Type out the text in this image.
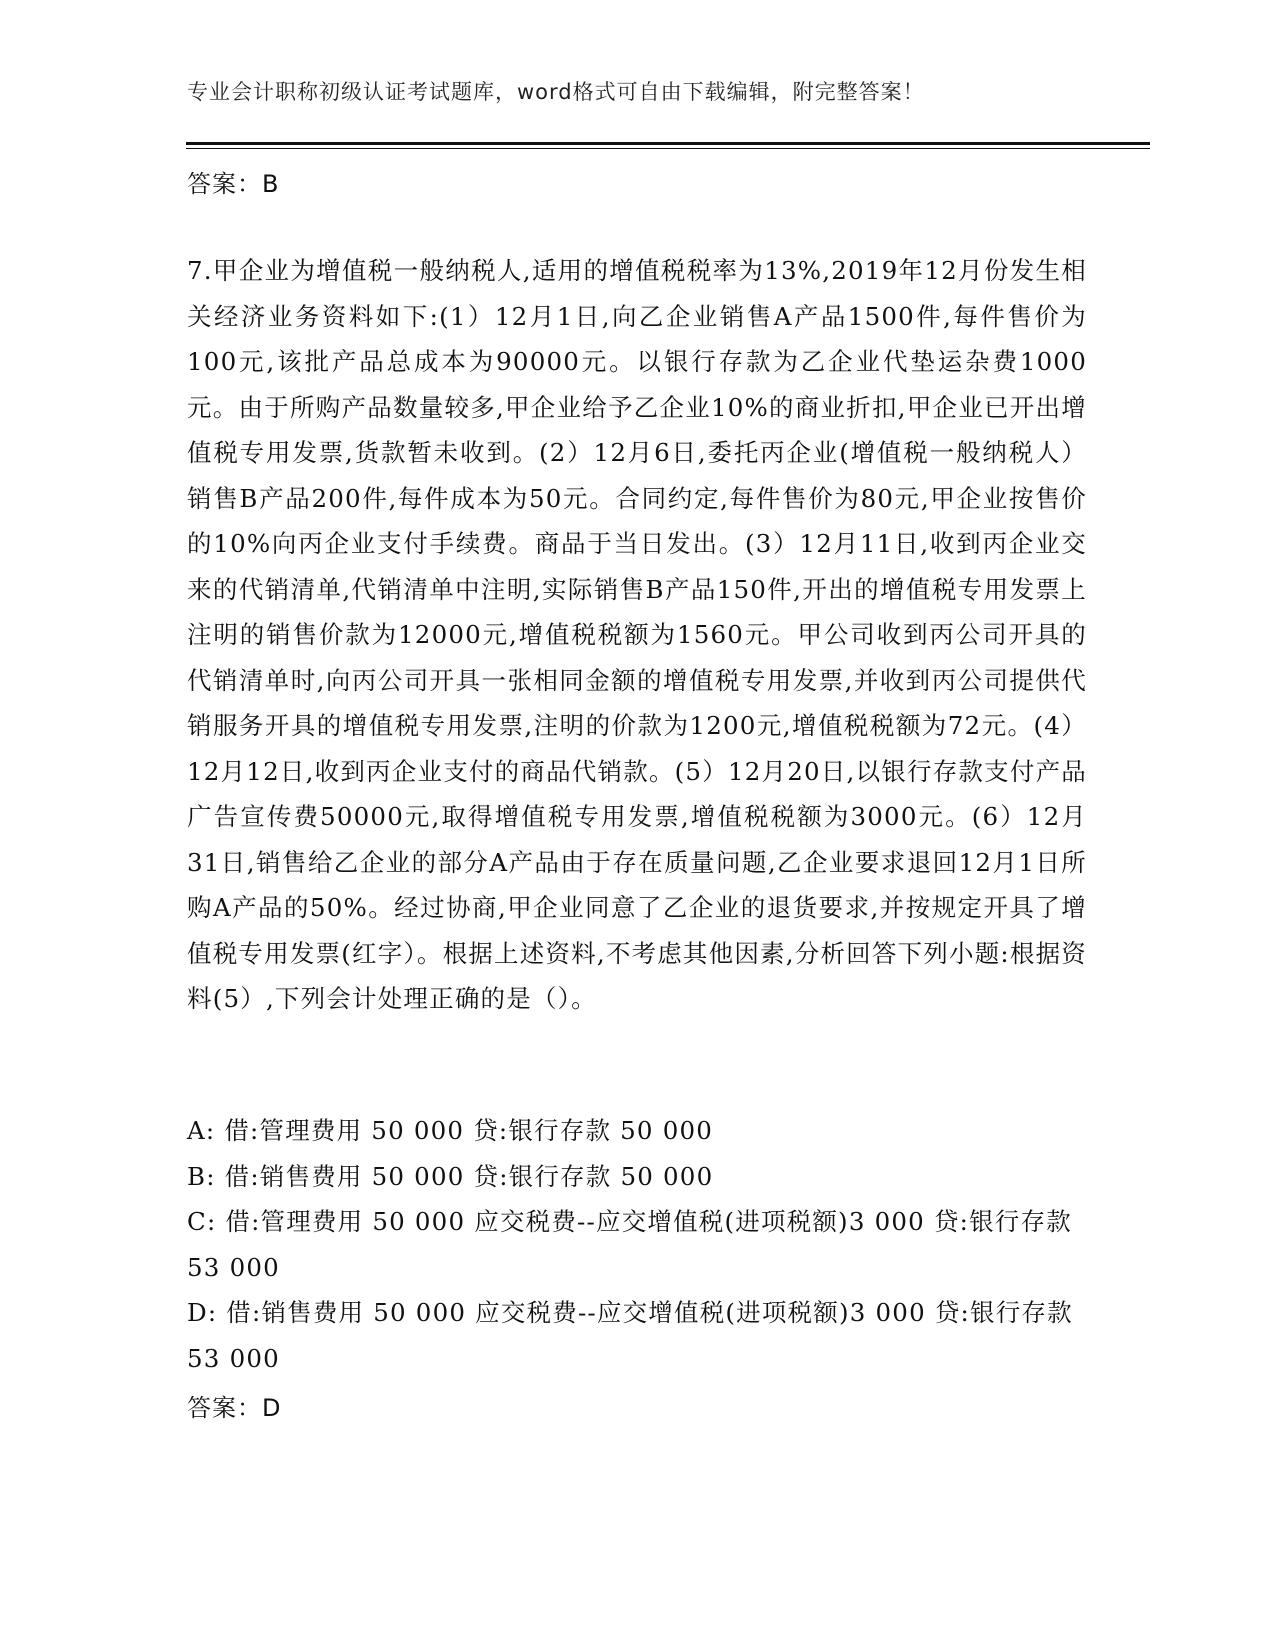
专业会计职称初级认证考试题库，word格式可自由下载编辑，附完整答案！
答案：B
7.甲企业为增值税一般纳税人,适用的增值税税率为13%,2019年12月份发生相关经济业务资料如下:(1）12月1日,向乙企业销售A产品1500件,每件售价为100元,该批产品总成本为90000元。以银行存款为乙企业代垫运杂费1000元。由于所购产品数量较多,甲企业给予乙企业10%的商业折扣,甲企业已开出增值税专用发票,货款暂未收到。(2）12月6日,委托丙企业(增值税一般纳税人）销售B产品200件,每件成本为50元。合同约定,每件售价为80元,甲企业按售价的10%向丙企业支付手续费。商品于当日发出。(3）12月11日,收到丙企业交来的代销清单,代销清单中注明,实际销售B产品150件,开出的增值税专用发票上注明的销售价款为12000元,增值税税额为1560元。甲公司收到丙公司开具的代销清单时,向丙公司开具一张相同金额的增值税专用发票,并收到丙公司提供代销服务开具的增值税专用发票,注明的价款为1200元,增值税税额为72元。(4）12月12日,收到丙企业支付的商品代销款。(5）12月20日,以银行存款支付产品广告宣传费50000元,取得增值税专用发票,增值税税额为3000元。(6）12月31日,销售给乙企业的部分A产品由于存在质量问题,乙企业要求退回12月1日所购A产品的50%。经过协商,甲企业同意了乙企业的退货要求,并按规定开具了增值税专用发票(红字）。根据上述资料,不考虑其他因素,分析回答下列小题:根据资料(5）,下列会计处理正确的是（）。
A: 借:管理费用 50 000 贷:银行存款 50 000
B: 借:销售费用 50 000 贷:银行存款 50 000
C: 借:管理费用 50 000 应交税费--应交增值税(进项税额)3 000 贷:银行存款 53 000
D: 借:销售费用 50 000 应交税费--应交增值税(进项税额)3 000 贷:银行存款 53 000
答案：D
